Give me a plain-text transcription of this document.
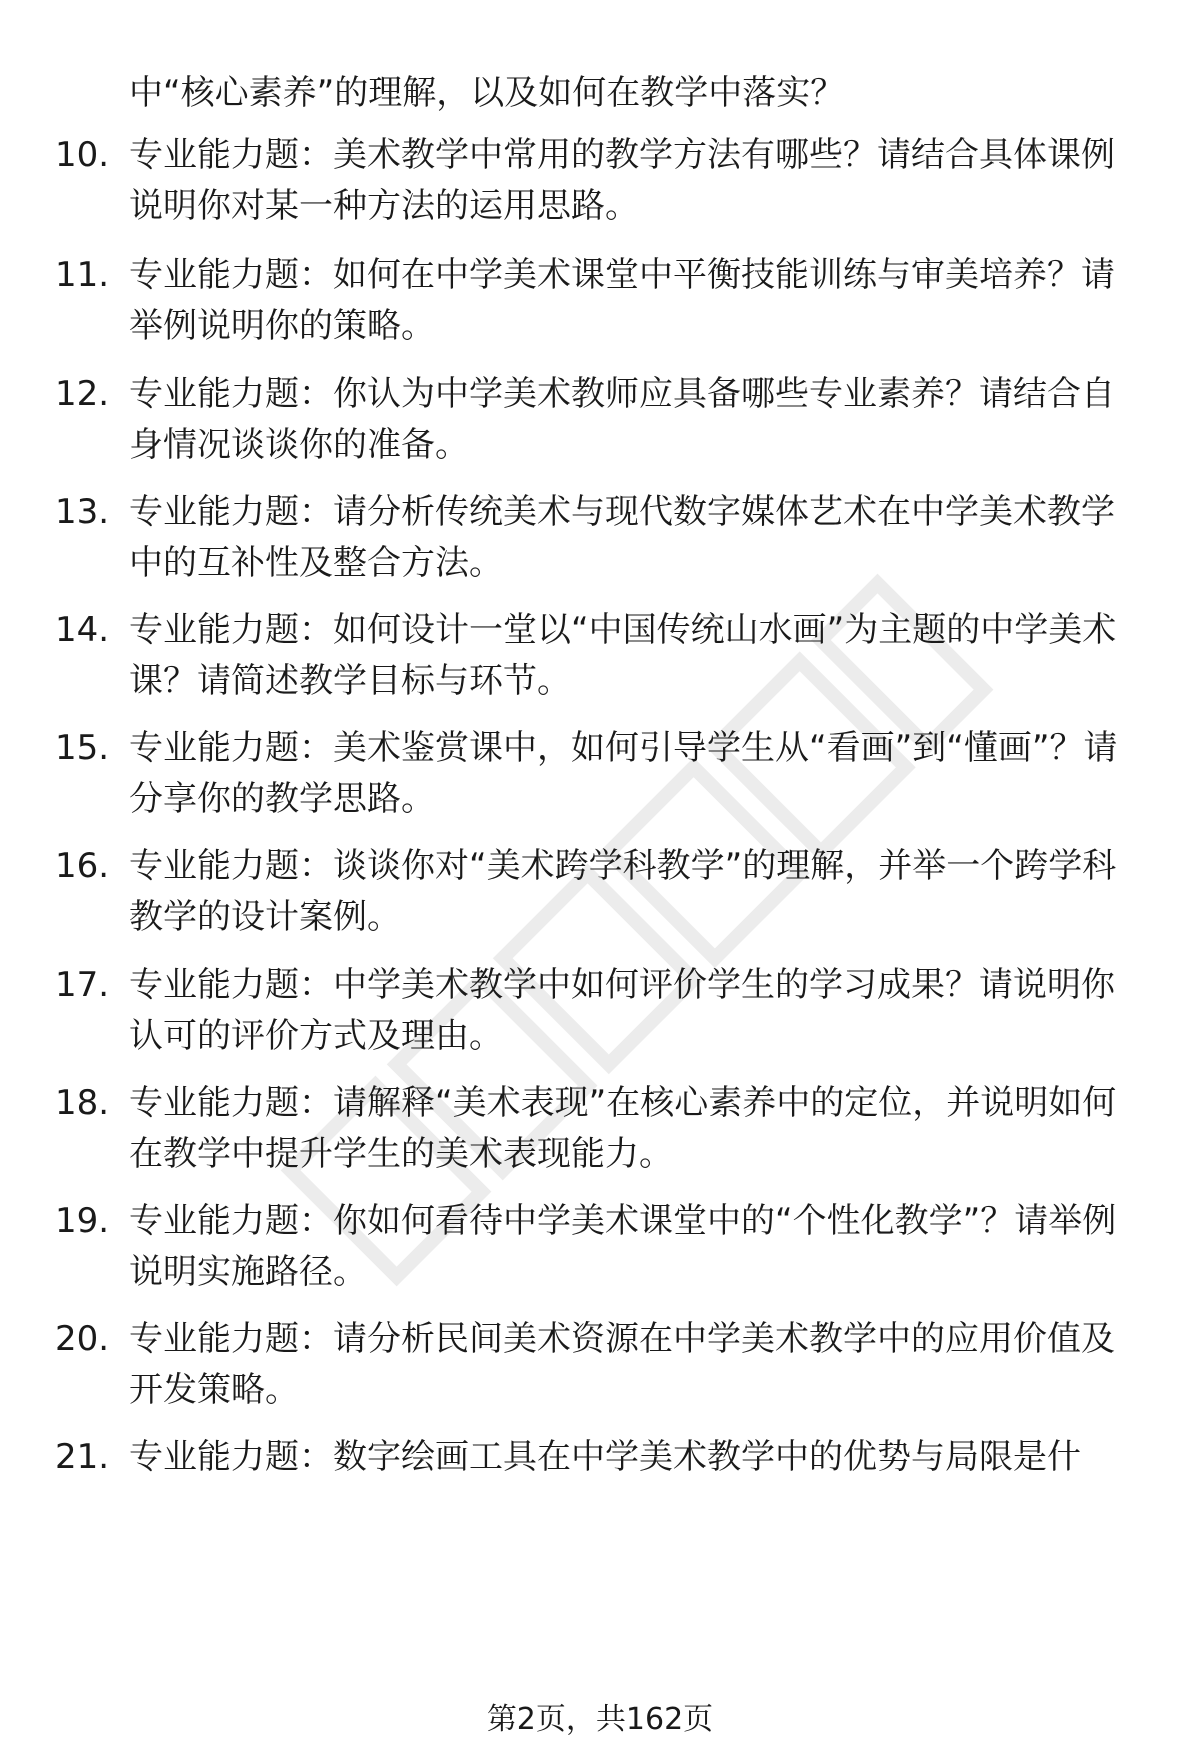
中“核心素养”的理解，以及如何在教学中落实？
10. 专业能力题：美术教学中常用的教学方法有哪些？请结合具体课例说明你对某一种方法的运用思路。
11. 专业能力题：如何在中学美术课堂中平衡技能训练与审美培养？请举例说明你的策略。
12. 专业能力题：你认为中学美术教师应具备哪些专业素养？请结合自身情况谈谈你的准备。
13. 专业能力题：请分析传统美术与现代数字媒体艺术在中学美术教学中的互补性及整合方法。
14. 专业能力题：如何设计一堂以“中国传统山水画”为主题的中学美术课？请简述教学目标与环节。
15. 专业能力题：美术鉴赏课中，如何引导学生从“看画”到“懂画”？请分享你的教学思路。
16. 专业能力题：谈谈你对“美术跨学科教学”的理解，并举一个跨学科教学的设计案例。
17. 专业能力题：中学美术教学中如何评价学生的学习成果？请说明你认可的评价方式及理由。
18. 专业能力题：请解释“美术表现”在核心素养中的定位，并说明如何在教学中提升学生的美术表现能力。
19. 专业能力题：你如何看待中学美术课堂中的“个性化教学”？请举例说明实施路径。
20. 专业能力题：请分析民间美术资源在中学美术教学中的应用价值及开发策略。
21. 专业能力题：数字绘画工具在中学美术教学中的优势与局限是什
第2页，共162页
